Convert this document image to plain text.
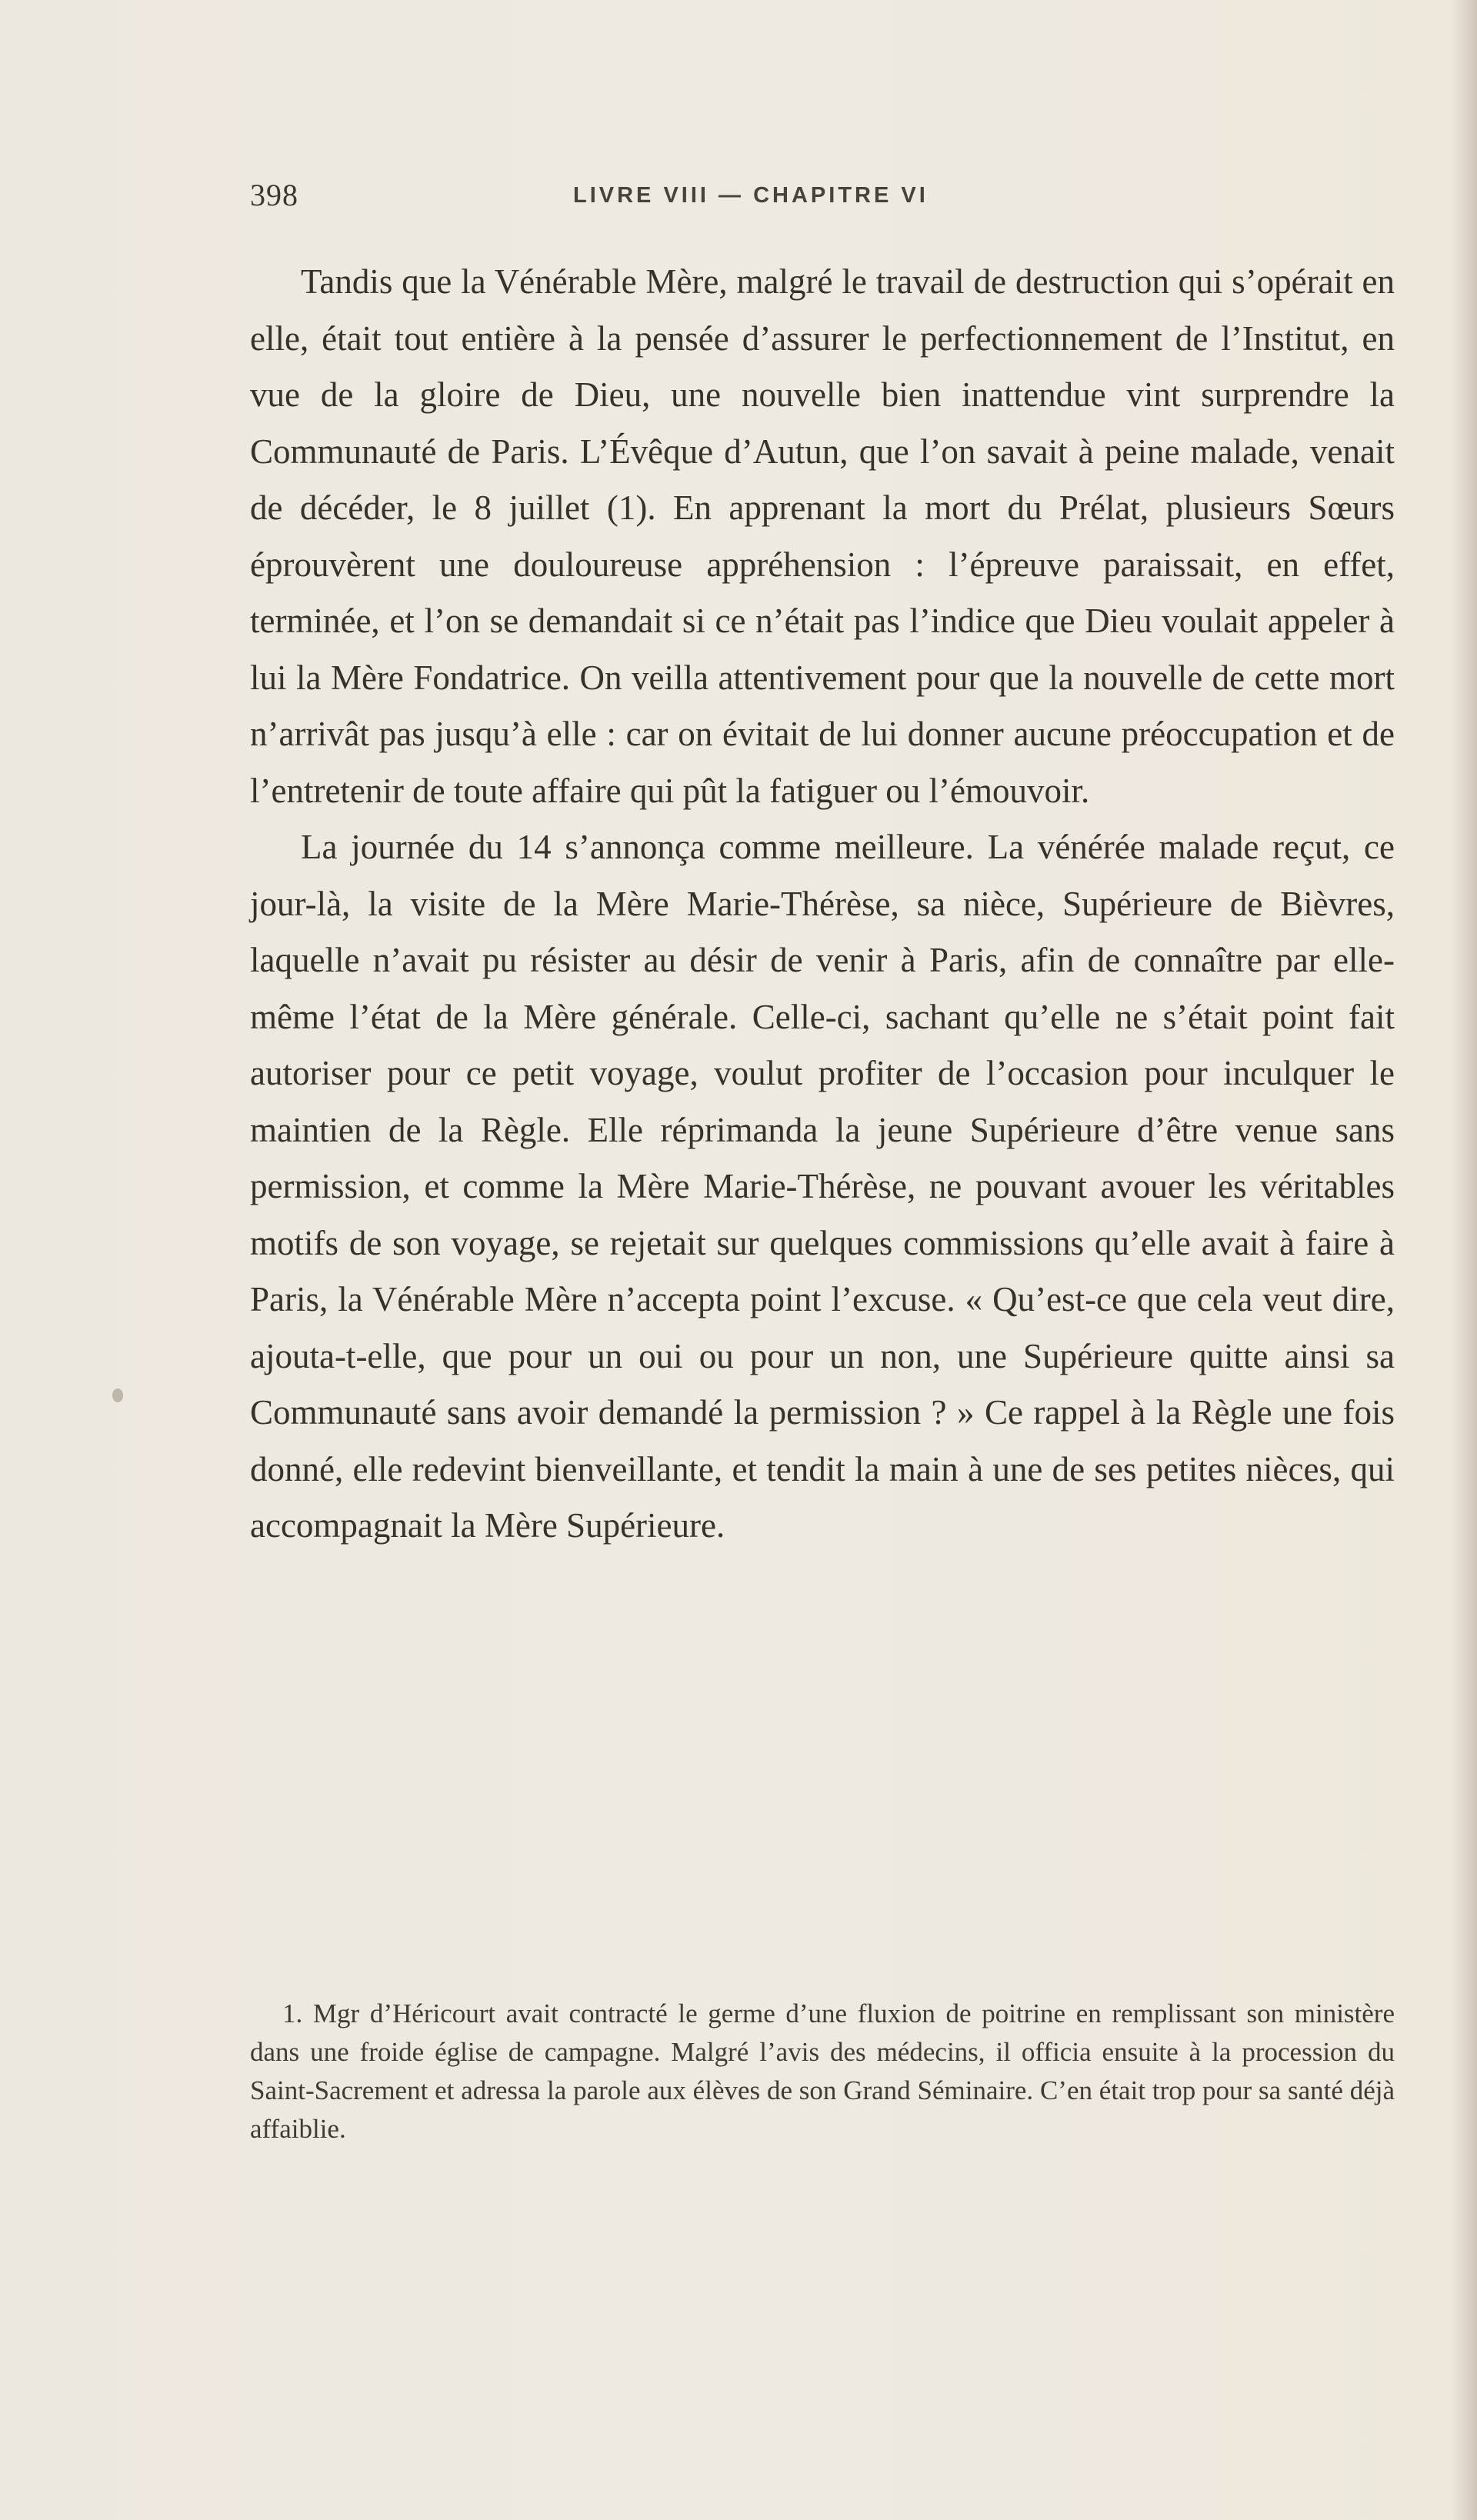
398	LIVRE VIII — CHAPITRE VI

Tandis que la Vénérable Mère, malgré le travail de destruction qui s’opérait en elle, était tout entière à la pensée d’assurer le perfectionnement de l’Institut, en vue de la gloire de Dieu, une nouvelle bien inattendue vint surprendre la Communauté de Paris. L’Évêque d’Autun, que l’on savait à peine malade, venait de décéder, le 8 juillet (1). En apprenant la mort du Prélat, plusieurs Sœurs éprouvèrent une douloureuse appréhension : l’épreuve paraissait, en effet, terminée, et l’on se demandait si ce n’était pas l’indice que Dieu voulait appeler à lui la Mère Fondatrice. On veilla attentivement pour que la nouvelle de cette mort n’arrivât pas jusqu’à elle : car on évitait de lui donner aucune préoccupation et de l’entretenir de toute affaire qui pût la fatiguer ou l’émouvoir.

La journée du 14 s’annonça comme meilleure. La vénérée malade reçut, ce jour-là, la visite de la Mère Marie-Thérèse, sa nièce, Supérieure de Bièvres, laquelle n’avait pu résister au désir de venir à Paris, afin de connaître par elle-même l’état de la Mère générale. Celle-ci, sachant qu’elle ne s’était point fait autoriser pour ce petit voyage, voulut profiter de l’occasion pour inculquer le maintien de la Règle. Elle réprimanda la jeune Supérieure d’être venue sans permission, et comme la Mère Marie-Thérèse, ne pouvant avouer les véritables motifs de son voyage, se rejetait sur quelques commissions qu’elle avait à faire à Paris, la Vénérable Mère n’accepta point l’excuse. « Qu’est-ce que cela veut dire, ajouta-t-elle, que pour un oui ou pour un non, une Supérieure quitte ainsi sa Communauté sans avoir demandé la permission ? » Ce rappel à la Règle une fois donné, elle redevint bienveillante, et tendit la main à une de ses petites nièces, qui accompagnait la Mère Supérieure.

1. Mgr d’Héricourt avait contracté le germe d’une fluxion de poitrine en remplissant son ministère dans une froide église de campagne. Malgré l’avis des médecins, il officia ensuite à la procession du Saint-Sacrement et adressa la parole aux élèves de son Grand Séminaire. C’en était trop pour sa santé déjà affaiblie.
